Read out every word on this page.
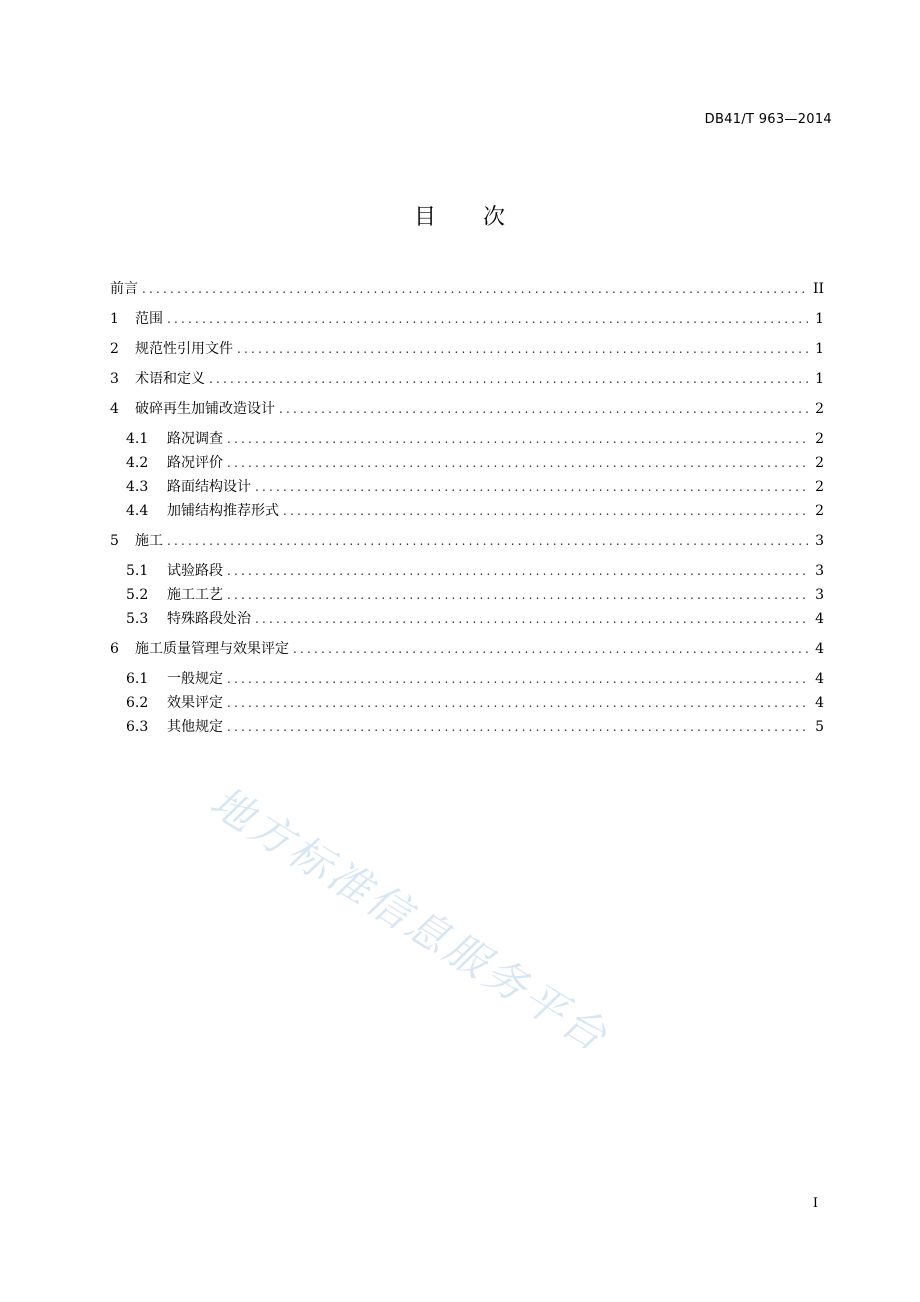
DB41/T 963—2014
目 次
前言 .....	II
1	范围 .....	1
2	规范性引用文件 .....	1
3	术语和定义 .....	1
4	破碎再生加铺改造设计 .....	2
4.1	路况调查 .....	2
4.2	路况评价 .....	2
4.3	路面结构设计 .....	2
4.4	加铺结构推荐形式 .....	2
5	施工 .....	3
5.1	试验路段 .....	3
5.2	施工工艺 .....	3
5.3	特殊路段处治 .....	4
6	施工质量管理与效果评定 .....	4
6.1	一般规定 .....	4
6.2	效果评定 .....	4
6.3	其他规定 .....	5
地方标准信息服务平台
I
